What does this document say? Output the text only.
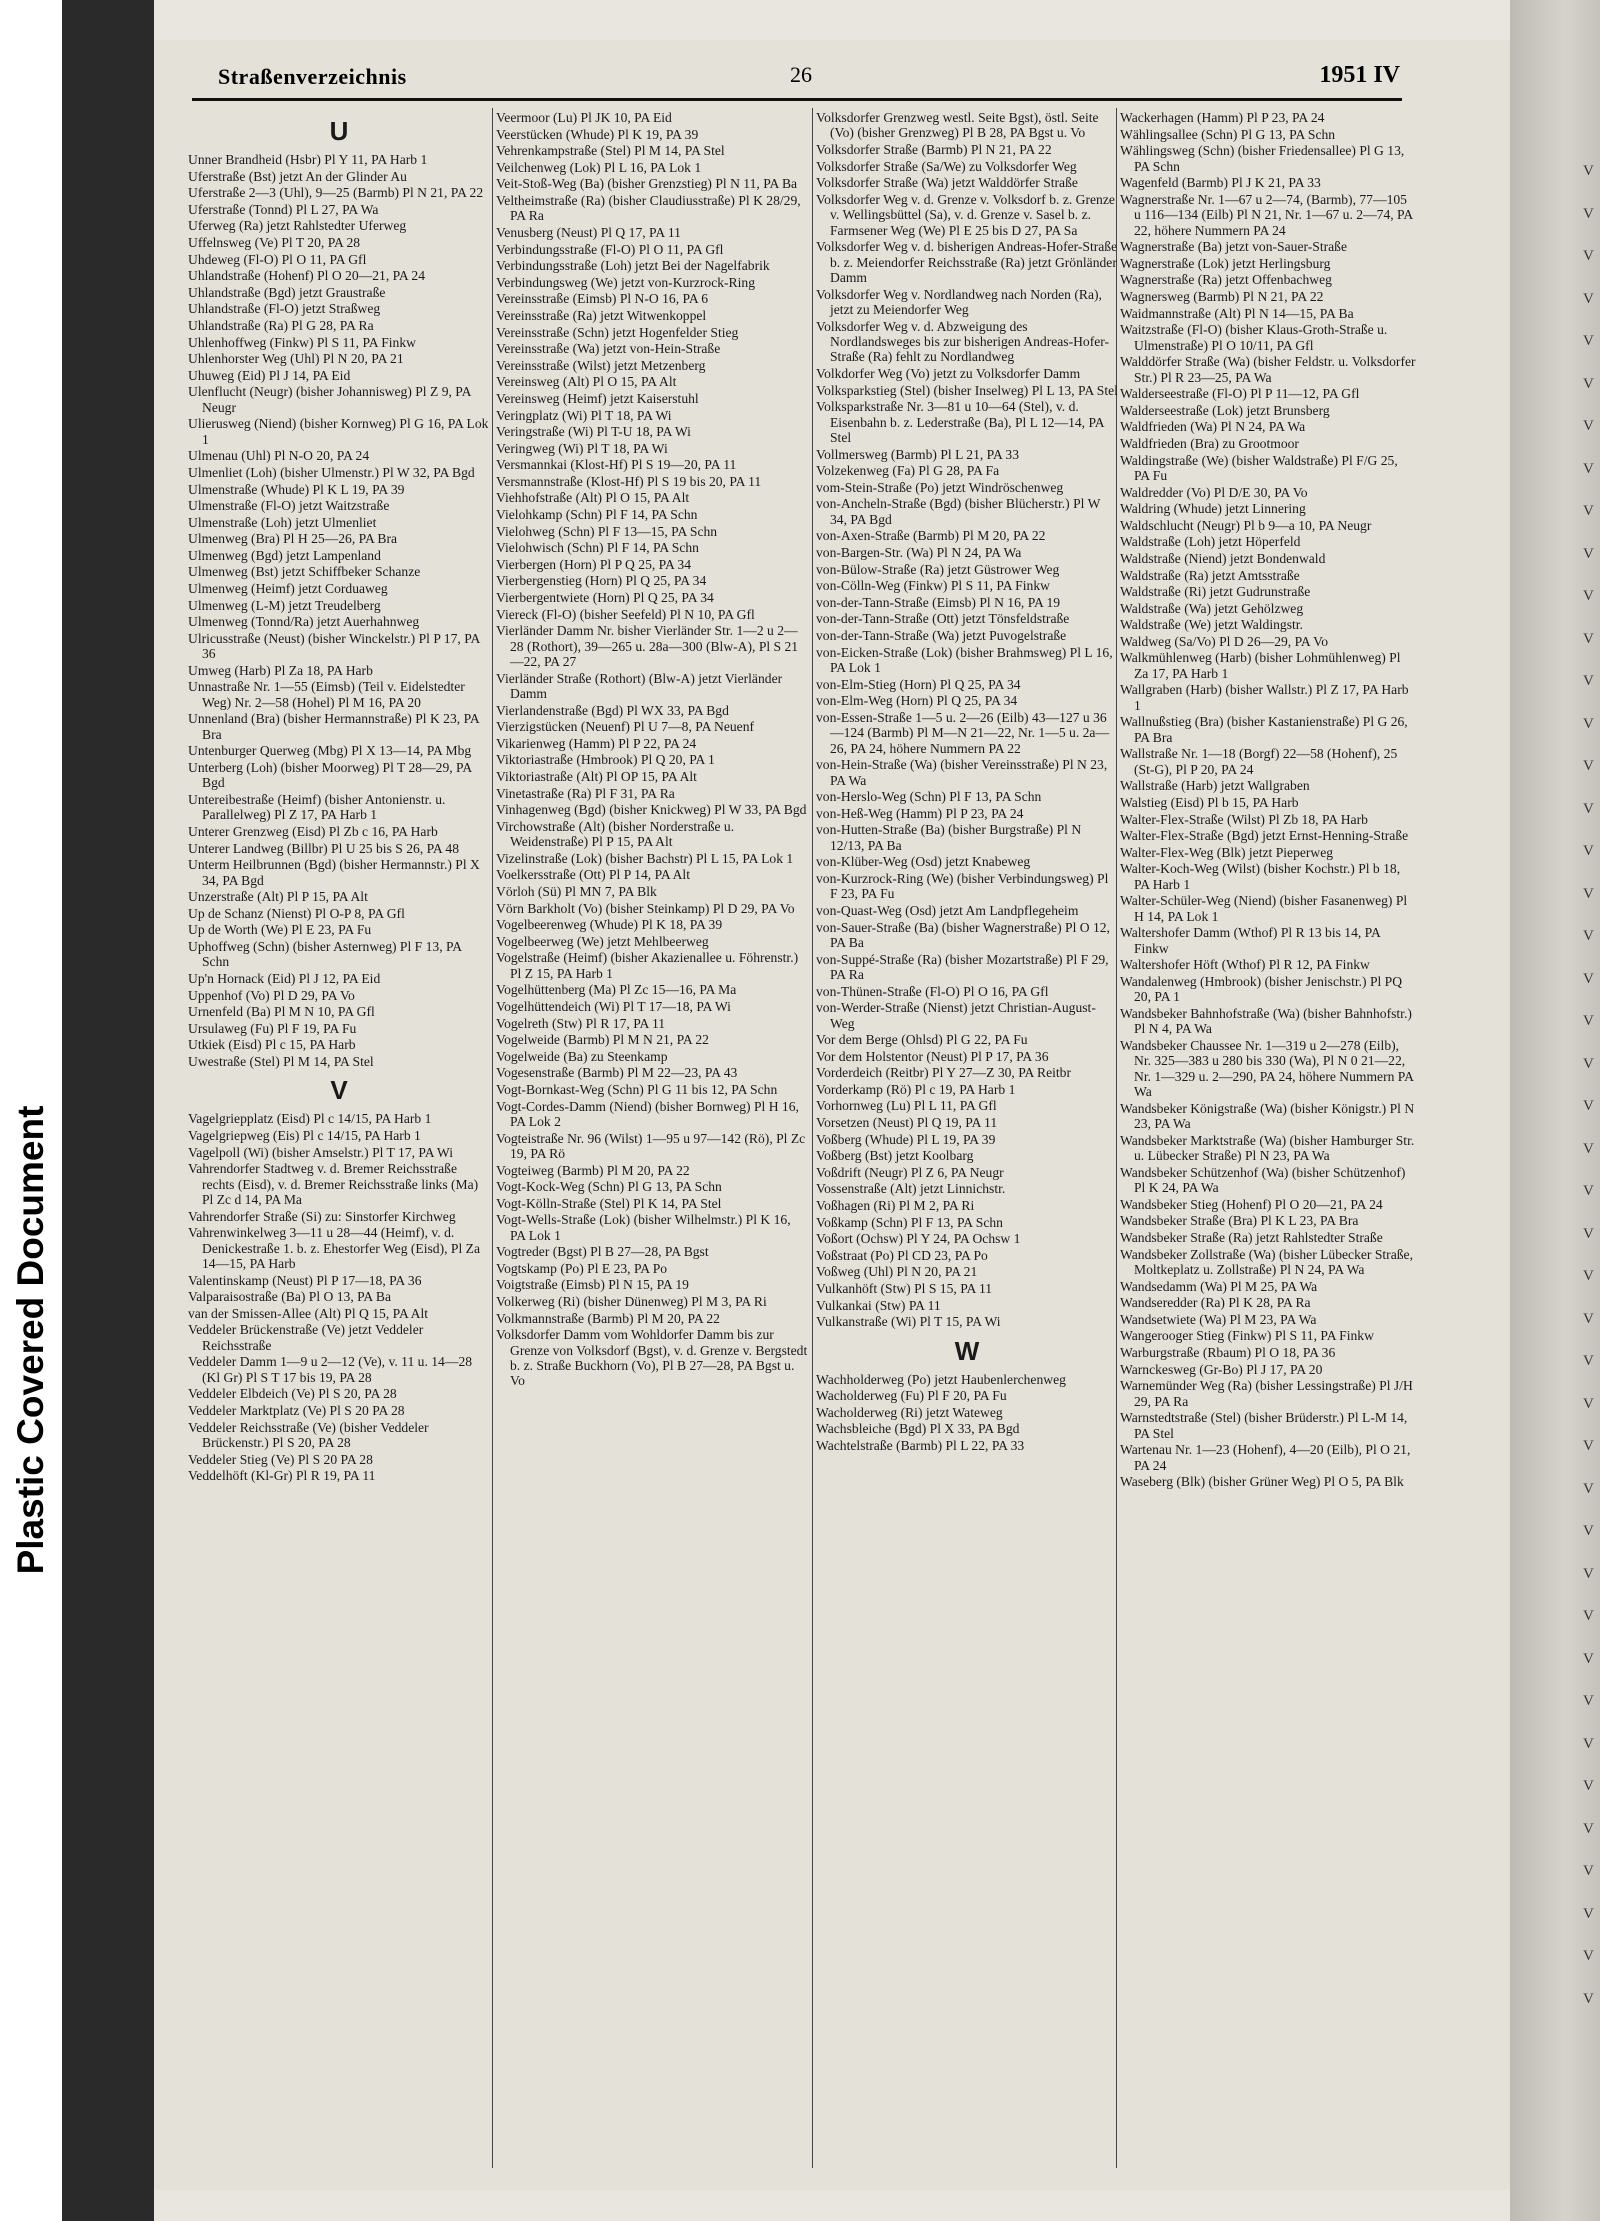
Plastic Covered Document
V
V
V
V
V
V
V
V
V
V
V
V
V
V
V
V
V
V
V
V
V
V
V
V
V
V
V
V
V
V
V
V
V
V
V
V
V
V
V
V
V
V
V
V
Straßenverzeichnis	26	1951 IV
U
Unner Brandheid (Hsbr) Pl Y 11, PA Harb 1
Uferstraße (Bst) jetzt An der Glinder Au
Uferstraße 2—3 (Uhl), 9—25 (Barmb) Pl N 21, PA 22
Uferstraße (Tonnd) Pl L 27, PA Wa
Uferweg (Ra) jetzt Rahlstedter Uferweg
Uffelnsweg (Ve) Pl T 20, PA 28
Uhdeweg (Fl-O) Pl O 11, PA Gfl
Uhlandstraße (Hohenf) Pl O 20—21, PA 24
Uhlandstraße (Bgd) jetzt Graustraße
Uhlandstraße (Fl-O) jetzt Straßweg
Uhlandstraße (Ra) Pl G 28, PA Ra
Uhlenhoffweg (Finkw) Pl S 11, PA Finkw
Uhlenhorster Weg (Uhl) Pl N 20, PA 21
Uhuweg (Eid) Pl J 14, PA Eid
Ulenflucht (Neugr) (bisher Johannisweg) Pl Z 9, PA Neugr
Ulierusweg (Niend) (bisher Kornweg) Pl G 16, PA Lok 1
Ulmenau (Uhl) Pl N-O 20, PA 24
Ulmenliet (Loh) (bisher Ulmenstr.) Pl W 32, PA Bgd
Ulmenstraße (Whude) Pl K L 19, PA 39
Ulmenstraße (Fl-O) jetzt Waitzstraße
Ulmenstraße (Loh) jetzt Ulmenliet
Ulmenweg (Bra) Pl H 25—26, PA Bra
Ulmenweg (Bgd) jetzt Lampenland
Ulmenweg (Bst) jetzt Schiffbeker Schanze
Ulmenweg (Heimf) jetzt Corduaweg
Ulmenweg (L-M) jetzt Treudelberg
Ulmenweg (Tonnd/Ra) jetzt Auerhahnweg
Ulricusstraße (Neust) (bisher Winckelstr.) Pl P 17, PA 36
Umweg (Harb) Pl Za 18, PA Harb
Unnastraße Nr. 1—55 (Eimsb) (Teil v. Eidelstedter Weg) Nr. 2—58 (Hohel) Pl M 16, PA 20
Unnenland (Bra) (bisher Hermannstraße) Pl K 23, PA Bra
Untenburger Querweg (Mbg) Pl X 13—14, PA Mbg
Unterberg (Loh) (bisher Moorweg) Pl T 28—29, PA Bgd
Untereibestraße (Heimf) (bisher Antonienstr. u. Parallelweg) Pl Z 17, PA Harb 1
Unterer Grenzweg (Eisd) Pl Zb c 16, PA Harb
Unterer Landweg (Billbr) Pl U 25 bis S 26, PA 48
Unterm Heilbrunnen (Bgd) (bisher Hermannstr.) Pl X 34, PA Bgd
Unzerstraße (Alt) Pl P 15, PA Alt
Up de Schanz (Nienst) Pl O-P 8, PA Gfl
Up de Worth (We) Pl E 23, PA Fu
Uphoffweg (Schn) (bisher Asternweg) Pl F 13, PA Schn
Up'n Hornack (Eid) Pl J 12, PA Eid
Uppenhof (Vo) Pl D 29, PA Vo
Urnenfeld (Ba) Pl M N 10, PA Gfl
Ursulaweg (Fu) Pl F 19, PA Fu
Utkiek (Eisd) Pl c 15, PA Harb
Uwestraße (Stel) Pl M 14, PA Stel
V
Vagelgriepplatz (Eisd) Pl c 14/15, PA Harb 1
Vagelgriepweg (Eis) Pl c 14/15, PA Harb 1
Vagelpoll (Wi) (bisher Amselstr.) Pl T 17, PA Wi
Vahrendorfer Stadtweg v. d. Bremer Reichsstraße rechts (Eisd), v. d. Bremer Reichsstraße links (Ma) Pl Zc d 14, PA Ma
Vahrendorfer Straße (Si) zu: Sinstorfer Kirchweg
Vahrenwinkelweg 3—11 u 28—44 (Heimf), v. d. Denickestraße 1. b. z. Ehestorfer Weg (Eisd), Pl Za 14—15, PA Harb
Valentinskamp (Neust) Pl P 17—18, PA 36
Valparaisostraße (Ba) Pl O 13, PA Ba
van der Smissen-Allee (Alt) Pl Q 15, PA Alt
Veddeler Brückenstraße (Ve) jetzt Veddeler Reichsstraße
Veddeler Damm 1—9 u 2—12 (Ve), v. 11 u. 14—28 (Kl Gr) Pl S T 17 bis 19, PA 28
Veddeler Elbdeich (Ve) Pl S 20, PA 28
Veddeler Marktplatz (Ve) Pl S 20 PA 28
Veddeler Reichsstraße (Ve) (bisher Veddeler Brückenstr.) Pl S 20, PA 28
Veddeler Stieg (Ve) Pl S 20 PA 28
Veddelhöft (Kl-Gr) Pl R 19, PA 11
Veermoor (Lu) Pl JK 10, PA Eid
Veerstücken (Whude) Pl K 19, PA 39
Vehrenkampstraße (Stel) Pl M 14, PA Stel
Veilchenweg (Lok) Pl L 16, PA Lok 1
Veit-Stoß-Weg (Ba) (bisher Grenzstieg) Pl N 11, PA Ba
Veltheimstraße (Ra) (bisher Claudiusstraße) Pl K 28/29, PA Ra
Venusberg (Neust) Pl Q 17, PA 11
Verbindungsstraße (Fl-O) Pl O 11, PA Gfl
Verbindungsstraße (Loh) jetzt Bei der Nagelfabrik
Verbindungsweg (We) jetzt von-Kurzrock-Ring
Vereinsstraße (Eimsb) Pl N-O 16, PA 6
Vereinsstraße (Ra) jetzt Witwenkoppel
Vereinsstraße (Schn) jetzt Hogenfelder Stieg
Vereinsstraße (Wa) jetzt von-Hein-Straße
Vereinsstraße (Wilst) jetzt Metzenberg
Vereinsweg (Alt) Pl O 15, PA Alt
Vereinsweg (Heimf) jetzt Kaiserstuhl
Veringplatz (Wi) Pl T 18, PA Wi
Veringstraße (Wi) Pl T-U 18, PA Wi
Veringweg (Wi) Pl T 18, PA Wi
Versmannkai (Klost-Hf) Pl S 19—20, PA 11
Versmannstraße (Klost-Hf) Pl S 19 bis 20, PA 11
Viehhofstraße (Alt) Pl O 15, PA Alt
Vielohkamp (Schn) Pl F 14, PA Schn
Vielohweg (Schn) Pl F 13—15, PA Schn
Vielohwisch (Schn) Pl F 14, PA Schn
Vierbergen (Horn) Pl P Q 25, PA 34
Vierbergenstieg (Horn) Pl Q 25, PA 34
Vierbergentwiete (Horn) Pl Q 25, PA 34
Viereck (Fl-O) (bisher Seefeld) Pl N 10, PA Gfl
Vierländer Damm Nr. bisher Vierländer Str. 1—2 u 2—28 (Rothort), 39—265 u. 28a—300 (Blw-A), Pl S 21—22, PA 27
Vierländer Straße (Rothort) (Blw-A) jetzt Vierländer Damm
Vierlandenstraße (Bgd) Pl WX 33, PA Bgd
Vierzigstücken (Neuenf) Pl U 7—8, PA Neuenf
Vikarienweg (Hamm) Pl P 22, PA 24
Viktoriastraße (Hmbrook) Pl Q 20, PA 1
Viktoriastraße (Alt) Pl OP 15, PA Alt
Vinetastraße (Ra) Pl F 31, PA Ra
Vinhagenweg (Bgd) (bisher Knickweg) Pl W 33, PA Bgd
Virchowstraße (Alt) (bisher Norderstraße u. Weidenstraße) Pl P 15, PA Alt
Vizelinstraße (Lok) (bisher Bachstr) Pl L 15, PA Lok 1
Voelkersstraße (Ott) Pl P 14, PA Alt
Vörloh (Sü) Pl MN 7, PA Blk
Vörn Barkholt (Vo) (bisher Steinkamp) Pl D 29, PA Vo
Vogelbeerenweg (Whude) Pl K 18, PA 39
Vogelbeerweg (We) jetzt Mehlbeerweg
Vogelstraße (Heimf) (bisher Akazienallee u. Föhrenstr.) Pl Z 15, PA Harb 1
Vogelhüttenberg (Ma) Pl Zc 15—16, PA Ma
Vogelhüttendeich (Wi) Pl T 17—18, PA Wi
Vogelreth (Stw) Pl R 17, PA 11
Vogelweide (Barmb) Pl M N 21, PA 22
Vogelweide (Ba) zu Steenkamp
Vogesenstraße (Barmb) Pl M 22—23, PA 43
Vogt-Bornkast-Weg (Schn) Pl G 11 bis 12, PA Schn
Vogt-Cordes-Damm (Niend) (bisher Bornweg) Pl H 16, PA Lok 2
Vogteistraße Nr. 96 (Wilst) 1—95 u 97—142 (Rö), Pl Zc 19, PA Rö
Vogteiweg (Barmb) Pl M 20, PA 22
Vogt-Kock-Weg (Schn) Pl G 13, PA Schn
Vogt-Kölln-Straße (Stel) Pl K 14, PA Stel
Vogt-Wells-Straße (Lok) (bisher Wilhelmstr.) Pl K 16, PA Lok 1
Vogtreder (Bgst) Pl B 27—28, PA Bgst
Vogtskamp (Po) Pl E 23, PA Po
Voigtstraße (Eimsb) Pl N 15, PA 19
Volkerweg (Ri) (bisher Dünenweg) Pl M 3, PA Ri
Volkmannstraße (Barmb) Pl M 20, PA 22
Volksdorfer Damm vom Wohldorfer Damm bis zur Grenze von Volksdorf (Bgst), v. d. Grenze v. Bergstedt b. z. Straße Buckhorn (Vo), Pl B 27—28, PA Bgst u. Vo
Volksdorfer Grenzweg westl. Seite Bgst), östl. Seite (Vo) (bisher Grenzweg) Pl B 28, PA Bgst u. Vo
Volksdorfer Straße (Barmb) Pl N 21, PA 22
Volksdorfer Straße (Sa/We) zu Volksdorfer Weg
Volksdorfer Straße (Wa) jetzt Walddörfer Straße
Volksdorfer Weg v. d. Grenze v. Volksdorf b. z. Grenze v. Wellingsbüttel (Sa), v. d. Grenze v. Sasel b. z. Farmsener Weg (We) Pl E 25 bis D 27, PA Sa
Volksdorfer Weg v. d. bisherigen Andreas-Hofer-Straße b. z. Meiendorfer Reichsstraße (Ra) jetzt Grönländer Damm
Volksdorfer Weg v. Nordlandweg nach Norden (Ra), jetzt zu Meiendorfer Weg
Volksdorfer Weg v. d. Abzweigung des Nordlandsweges bis zur bisherigen Andreas-Hofer-Straße (Ra) fehlt zu Nordlandweg
Volkdorfer Weg (Vo) jetzt zu Volksdorfer Damm
Volksparkstieg (Stel) (bisher Inselweg) Pl L 13, PA Stel
Volksparkstraße Nr. 3—81 u 10—64 (Stel), v. d. Eisenbahn b. z. Lederstraße (Ba), Pl L 12—14, PA Stel
Vollmersweg (Barmb) Pl L 21, PA 33
Volzekenweg (Fa) Pl G 28, PA Fa
vom-Stein-Straße (Po) jetzt Windröschenweg
von-Ancheln-Straße (Bgd) (bisher Blücherstr.) Pl W 34, PA Bgd
von-Axen-Straße (Barmb) Pl M 20, PA 22
von-Bargen-Str. (Wa) Pl N 24, PA Wa
von-Bülow-Straße (Ra) jetzt Güstrower Weg
von-Cölln-Weg (Finkw) Pl S 11, PA Finkw
von-der-Tann-Straße (Eimsb) Pl N 16, PA 19
von-der-Tann-Straße (Ott) jetzt Tönsfeldstraße
von-der-Tann-Straße (Wa) jetzt Puvogelstraße
von-Eicken-Straße (Lok) (bisher Brahmsweg) Pl L 16, PA Lok 1
von-Elm-Stieg (Horn) Pl Q 25, PA 34
von-Elm-Weg (Horn) Pl Q 25, PA 34
von-Essen-Straße 1—5 u. 2—26 (Eilb) 43—127 u 36—124 (Barmb) Pl M—N 21—22, Nr. 1—5 u. 2a—26, PA 24, höhere Nummern PA 22
von-Hein-Straße (Wa) (bisher Vereinsstraße) Pl N 23, PA Wa
von-Herslo-Weg (Schn) Pl F 13, PA Schn
von-Heß-Weg (Hamm) Pl P 23, PA 24
von-Hutten-Straße (Ba) (bisher Burgstraße) Pl N 12/13, PA Ba
von-Klüber-Weg (Osd) jetzt Knabeweg
von-Kurzrock-Ring (We) (bisher Verbindungsweg) Pl F 23, PA Fu
von-Quast-Weg (Osd) jetzt Am Landpflegeheim
von-Sauer-Straße (Ba) (bisher Wagnerstraße) Pl O 12, PA Ba
von-Suppé-Straße (Ra) (bisher Mozartstraße) Pl F 29, PA Ra
von-Thünen-Straße (Fl-O) Pl O 16, PA Gfl
von-Werder-Straße (Nienst) jetzt Christian-August-Weg
Vor dem Berge (Ohlsd) Pl G 22, PA Fu
Vor dem Holstentor (Neust) Pl P 17, PA 36
Vorderdeich (Reitbr) Pl Y 27—Z 30, PA Reitbr
Vorderkamp (Rö) Pl c 19, PA Harb 1
Vorhornweg (Lu) Pl L 11, PA Gfl
Vorsetzen (Neust) Pl Q 19, PA 11
Voßberg (Whude) Pl L 19, PA 39
Voßberg (Bst) jetzt Koolbarg
Voßdrift (Neugr) Pl Z 6, PA Neugr
Vossenstraße (Alt) jetzt Linnichstr.
Voßhagen (Ri) Pl M 2, PA Ri
Voßkamp (Schn) Pl F 13, PA Schn
Voßort (Ochsw) Pl Y 24, PA Ochsw 1
Voßstraat (Po) Pl CD 23, PA Po
Voßweg (Uhl) Pl N 20, PA 21
Vulkanhöft (Stw) Pl S 15, PA 11
Vulkankai (Stw) PA 11
Vulkanstraße (Wi) Pl T 15, PA Wi
W
Wachholderweg (Po) jetzt Haubenlerchenweg
Wacholderweg (Fu) Pl F 20, PA Fu
Wacholderweg (Ri) jetzt Wateweg
Wachsbleiche (Bgd) Pl X 33, PA Bgd
Wachtelstraße (Barmb) Pl L 22, PA 33
Wackerhagen (Hamm) Pl P 23, PA 24
Wählingsallee (Schn) Pl G 13, PA Schn
Wählingsweg (Schn) (bisher Friedensallee) Pl G 13, PA Schn
Wagenfeld (Barmb) Pl J K 21, PA 33
Wagnerstraße Nr. 1—67 u 2—74, (Barmb), 77—105 u 116—134 (Eilb) Pl N 21, Nr. 1—67 u. 2—74, PA 22, höhere Nummern PA 24
Wagnerstraße (Ba) jetzt von-Sauer-Straße
Wagnerstraße (Lok) jetzt Herlingsburg
Wagnerstraße (Ra) jetzt Offenbachweg
Wagnersweg (Barmb) Pl N 21, PA 22
Waidmannstraße (Alt) Pl N 14—15, PA Ba
Waitzstraße (Fl-O) (bisher Klaus-Groth-Straße u. Ulmenstraße) Pl O 10/11, PA Gfl
Walddörfer Straße (Wa) (bisher Feldstr. u. Volksdorfer Str.) Pl R 23—25, PA Wa
Walderseestraße (Fl-O) Pl P 11—12, PA Gfl
Walderseestraße (Lok) jetzt Brunsberg
Waldfrieden (Wa) Pl N 24, PA Wa
Waldfrieden (Bra) zu Grootmoor
Waldingstraße (We) (bisher Waldstraße) Pl F/G 25, PA Fu
Waldredder (Vo) Pl D/E 30, PA Vo
Waldring (Whude) jetzt Linnering
Waldschlucht (Neugr) Pl b 9—a 10, PA Neugr
Waldstraße (Loh) jetzt Höperfeld
Waldstraße (Niend) jetzt Bondenwald
Waldstraße (Ra) jetzt Amtsstraße
Waldstraße (Ri) jetzt Gudrunstraße
Waldstraße (Wa) jetzt Gehölzweg
Waldstraße (We) jetzt Waldingstr.
Waldweg (Sa/Vo) Pl D 26—29, PA Vo
Walkmühlenweg (Harb) (bisher Lohmühlenweg) Pl Za 17, PA Harb 1
Wallgraben (Harb) (bisher Wallstr.) Pl Z 17, PA Harb 1
Wallnußstieg (Bra) (bisher Kastanienstraße) Pl G 26, PA Bra
Wallstraße Nr. 1—18 (Borgf) 22—58 (Hohenf), 25 (St-G), Pl P 20, PA 24
Wallstraße (Harb) jetzt Wallgraben
Walstieg (Eisd) Pl b 15, PA Harb
Walter-Flex-Straße (Wilst) Pl Zb 18, PA Harb
Walter-Flex-Straße (Bgd) jetzt Ernst-Henning-Straße
Walter-Flex-Weg (Blk) jetzt Pieperweg
Walter-Koch-Weg (Wilst) (bisher Kochstr.) Pl b 18, PA Harb 1
Walter-Schüler-Weg (Niend) (bisher Fasanenweg) Pl H 14, PA Lok 1
Waltershofer Damm (Wthof) Pl R 13 bis 14, PA Finkw
Waltershofer Höft (Wthof) Pl R 12, PA Finkw
Wandalenweg (Hmbrook) (bisher Jenischstr.) Pl PQ 20, PA 1
Wandsbeker Bahnhofstraße (Wa) (bisher Bahnhofstr.) Pl N 4, PA Wa
Wandsbeker Chaussee Nr. 1—319 u 2—278 (Eilb), Nr. 325—383 u 280 bis 330 (Wa), Pl N 0 21—22, Nr. 1—329 u. 2—290, PA 24, höhere Nummern PA Wa
Wandsbeker Königstraße (Wa) (bisher Königstr.) Pl N 23, PA Wa
Wandsbeker Marktstraße (Wa) (bisher Hamburger Str. u. Lübecker Straße) Pl N 23, PA Wa
Wandsbeker Schützenhof (Wa) (bisher Schützenhof) Pl K 24, PA Wa
Wandsbeker Stieg (Hohenf) Pl O 20—21, PA 24
Wandsbeker Straße (Bra) Pl K L 23, PA Bra
Wandsbeker Straße (Ra) jetzt Rahlstedter Straße
Wandsbeker Zollstraße (Wa) (bisher Lübecker Straße, Moltkeplatz u. Zollstraße) Pl N 24, PA Wa
Wandsedamm (Wa) Pl M 25, PA Wa
Wandseredder (Ra) Pl K 28, PA Ra
Wandsetwiete (Wa) Pl M 23, PA Wa
Wangerooger Stieg (Finkw) Pl S 11, PA Finkw
Warburgstraße (Rbaum) Pl O 18, PA 36
Warnckesweg (Gr-Bo) Pl J 17, PA 20
Warnemünder Weg (Ra) (bisher Lessingstraße) Pl J/H 29, PA Ra
Warnstedtstraße (Stel) (bisher Brüderstr.) Pl L-M 14, PA Stel
Wartenau Nr. 1—23 (Hohenf), 4—20 (Eilb), Pl O 21, PA 24
Waseberg (Blk) (bisher Grüner Weg) Pl O 5, PA Blk
